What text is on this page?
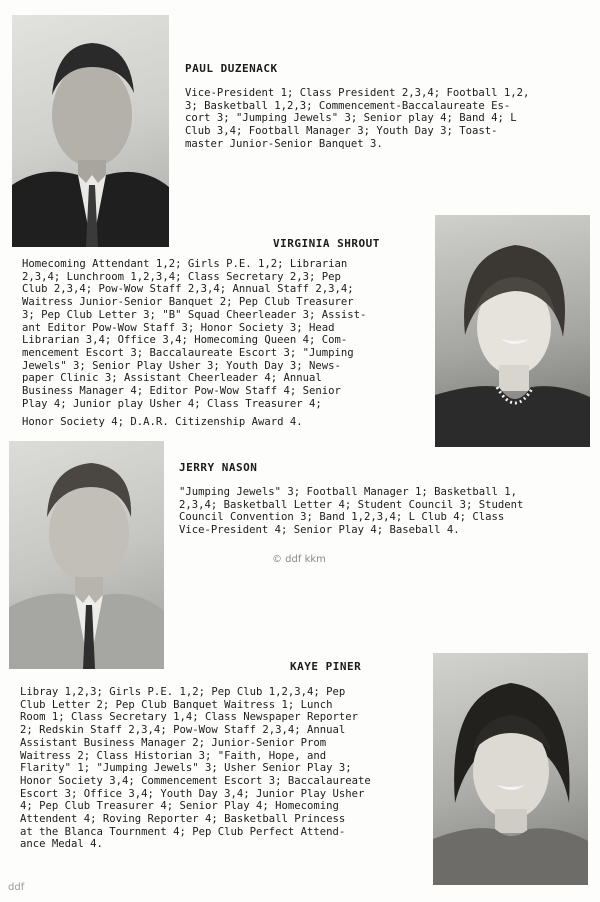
PAUL DUZENACK
Vice-President 1; Class President 2,3,4; Football 1,2,
3; Basketball 1,2,3; Commencement-Baccalaureate Es-
cort 3; "Jumping Jewels" 3; Senior play 4; Band 4; L
Club 3,4; Football Manager 3; Youth Day 3; Toast-
master Junior-Senior Banquet 3.
VIRGINIA SHROUT
Homecoming Attendant 1,2; Girls P.E. 1,2; Librarian
2,3,4; Lunchroom 1,2,3,4; Class Secretary 2,3; Pep
Club 2,3,4; Pow-Wow Staff 2,3,4; Annual Staff 2,3,4;
Waitress Junior-Senior Banquet 2; Pep Club Treasurer
3; Pep Club Letter 3; "B" Squad Cheerleader 3; Assist-
ant Editor Pow-Wow Staff 3; Honor Society 3; Head
Librarian 3,4; Office 3,4; Homecoming Queen 4; Com-
mencement Escort 3; Baccalaureate Escort 3; "Jumping
Jewels" 3; Senior Play Usher 3; Youth Day 3; News-
paper Clinic 3; Assistant Cheerleader 4; Annual
Business Manager 4; Editor Pow-Wow Staff 4; Senior
Play 4; Junior play Usher 4; Class Treasurer 4;
Honor Society 4; D.A.R. Citizenship Award 4.
JERRY NASON
"Jumping Jewels" 3; Football Manager 1; Basketball 1,
2,3,4; Basketball Letter 4; Student Council 3; Student
Council Convention 3; Band 1,2,3,4; L Club 4; Class
Vice-President 4; Senior Play 4; Baseball 4.
© ddf kkm
KAYE PINER
Libray 1,2,3; Girls P.E. 1,2; Pep Club 1,2,3,4; Pep
Club Letter 2; Pep Club Banquet Waitress 1; Lunch
Room 1; Class Secretary 1,4; Class Newspaper Reporter
2; Redskin Staff 2,3,4; Pow-Wow Staff 2,3,4; Annual
Assistant Business Manager 2; Junior-Senior Prom
Waitress 2; Class Historian 3; "Faith, Hope, and
Flarity" 1; "Jumping Jewels" 3; Usher Senior Play 3;
Honor Society 3,4; Commencement Escort 3; Baccalaureate
Escort 3; Office 3,4; Youth Day 3,4; Junior Play Usher
4; Pep Club Treasurer 4; Senior Play 4; Homecoming
Attendent 4; Roving Reporter 4; Basketball Princess
at the Blanca Tournment 4; Pep Club Perfect Attend-
ance Medal 4.
ddf
